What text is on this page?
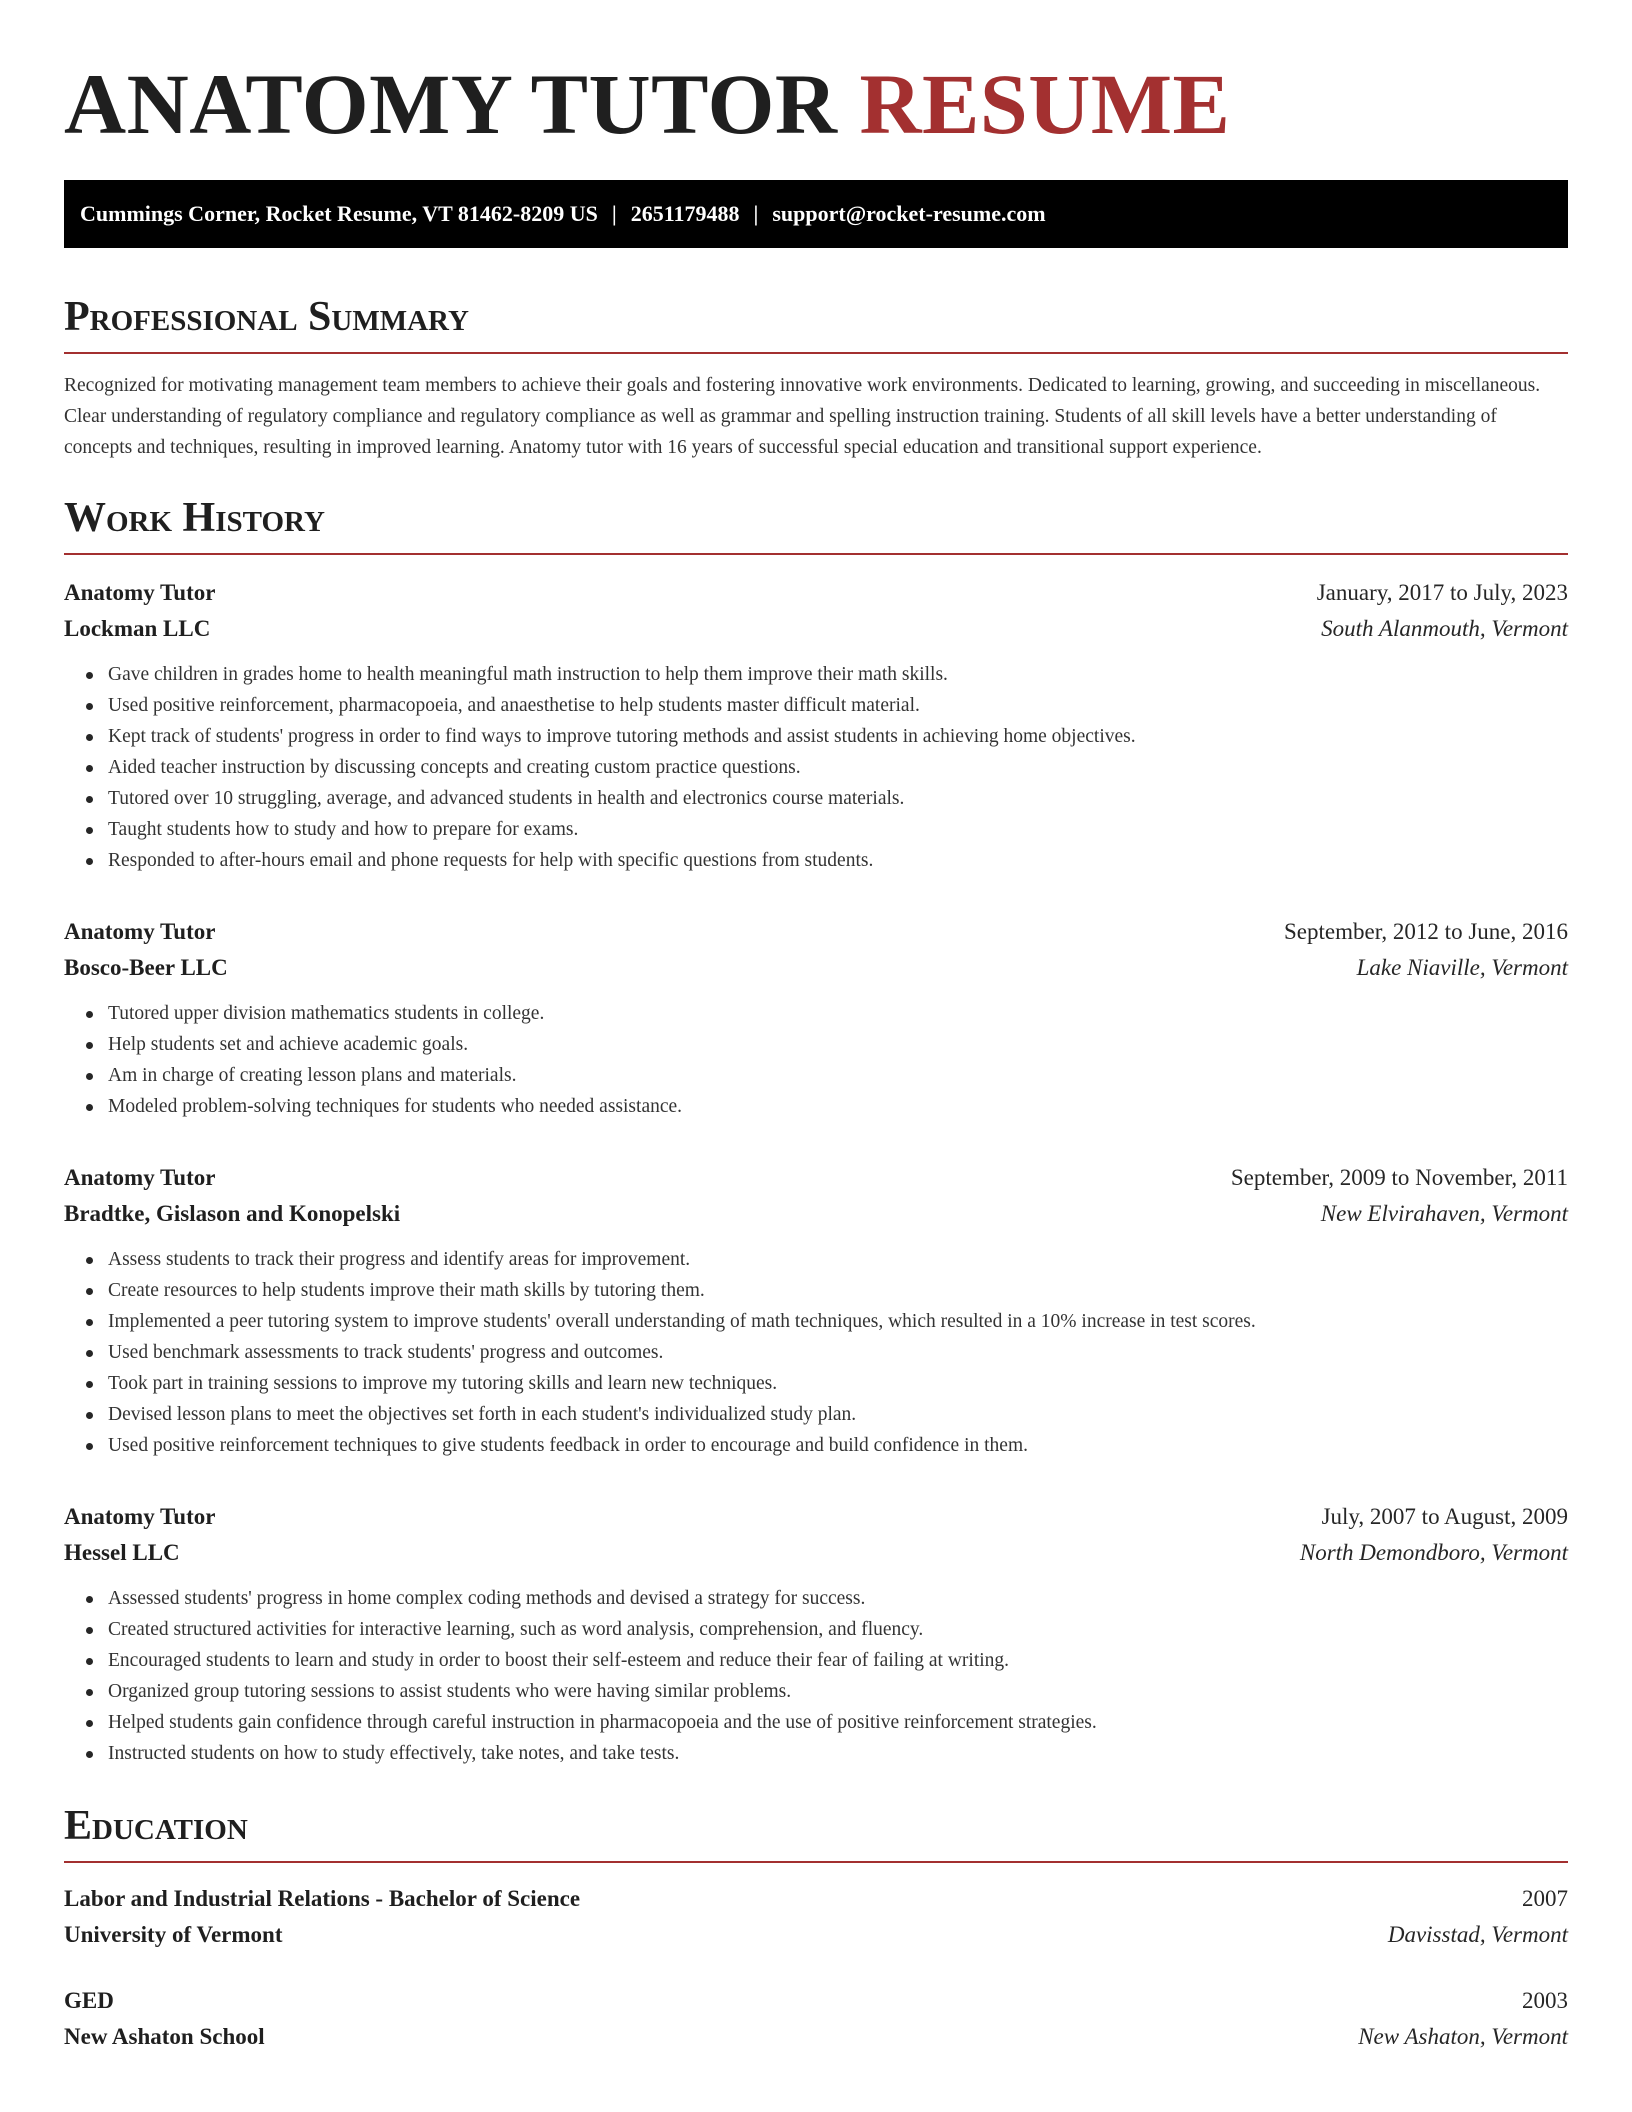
ANATOMY TUTOR RESUME
Cummings Corner, Rocket Resume, VT 81462-8209 US | 2651179488 | support@rocket-resume.com
Professional Summary

Recognized for motivating management team members to achieve their goals and fostering innovative work environments. Dedicated to learning, growing, and succeeding in miscellaneous. Clear understanding of regulatory compliance and regulatory compliance as well as grammar and spelling instruction training. Students of all skill levels have a better understanding of concepts and techniques, resulting in improved learning. Anatomy tutor with 16 years of successful special education and transitional support experience.

Work History
Anatomy Tutor	January, 2017 to July, 2023
Lockman LLC	South Alanmouth, Vermont
Gave children in grades home to health meaningful math instruction to help them improve their math skills.
Used positive reinforcement, pharmacopoeia, and anaesthetise to help students master difficult material.
Kept track of students' progress in order to find ways to improve tutoring methods and assist students in achieving home objectives.
Aided teacher instruction by discussing concepts and creating custom practice questions.
Tutored over 10 struggling, average, and advanced students in health and electronics course materials.
Taught students how to study and how to prepare for exams.
Responded to after-hours email and phone requests for help with specific questions from students.
Anatomy Tutor	September, 2012 to June, 2016
Bosco-Beer LLC	Lake Niaville, Vermont
Tutored upper division mathematics students in college.
Help students set and achieve academic goals.
Am in charge of creating lesson plans and materials.
Modeled problem-solving techniques for students who needed assistance.
Anatomy Tutor	September, 2009 to November, 2011
Bradtke, Gislason and Konopelski	New Elvirahaven, Vermont
Assess students to track their progress and identify areas for improvement.
Create resources to help students improve their math skills by tutoring them.
Implemented a peer tutoring system to improve students' overall understanding of math techniques, which resulted in a 10% increase in test scores.
Used benchmark assessments to track students' progress and outcomes.
Took part in training sessions to improve my tutoring skills and learn new techniques.
Devised lesson plans to meet the objectives set forth in each student's individualized study plan.
Used positive reinforcement techniques to give students feedback in order to encourage and build confidence in them.
Anatomy Tutor	July, 2007 to August, 2009
Hessel LLC	North Demondboro, Vermont
Assessed students' progress in home complex coding methods and devised a strategy for success.
Created structured activities for interactive learning, such as word analysis, comprehension, and fluency.
Encouraged students to learn and study in order to boost their self-esteem and reduce their fear of failing at writing.
Organized group tutoring sessions to assist students who were having similar problems.
Helped students gain confidence through careful instruction in pharmacopoeia and the use of positive reinforcement strategies.
Instructed students on how to study effectively, take notes, and take tests.
Education
Labor and Industrial Relations - Bachelor of Science	2007
University of Vermont	Davisstad, Vermont
GED	2003
New Ashaton School	New Ashaton, Vermont
